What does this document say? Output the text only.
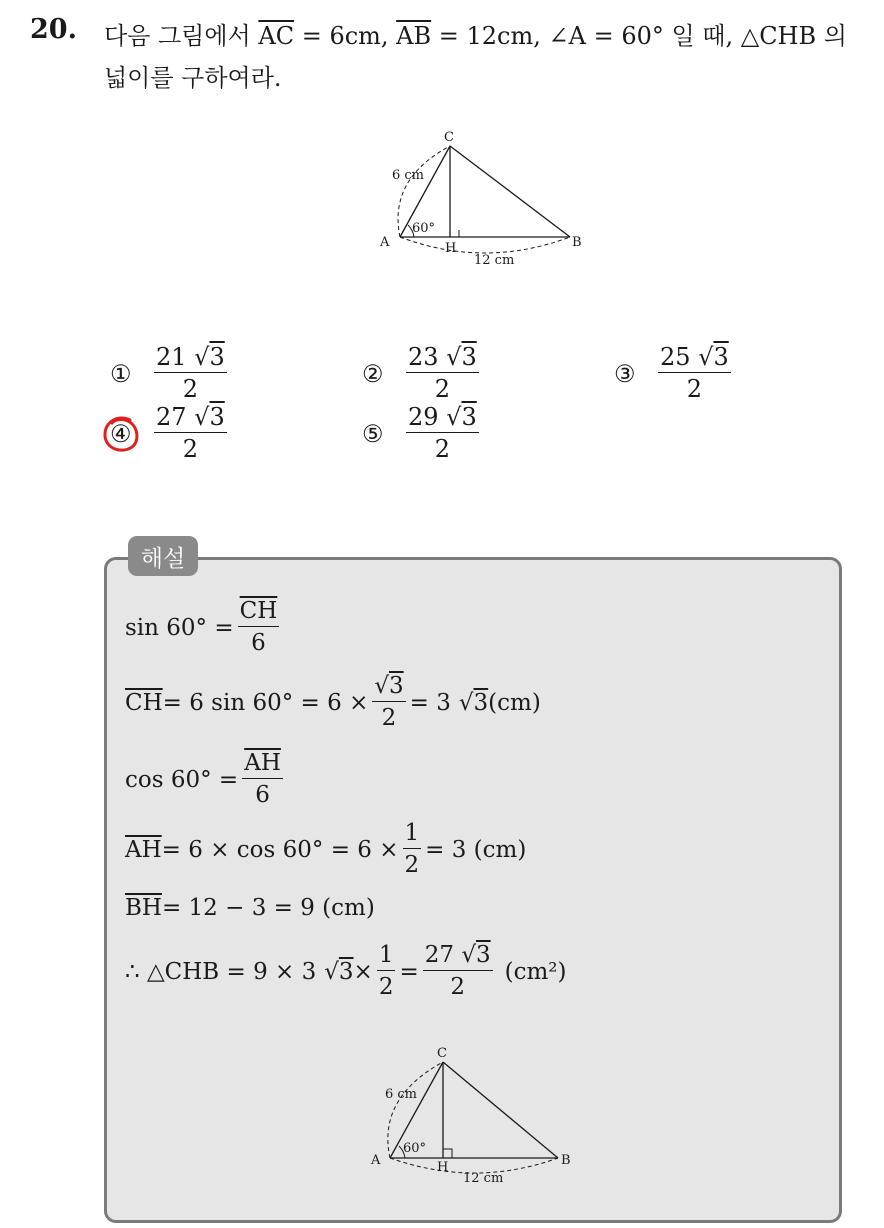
20. 다음 그림에서 $\overline{AC} = 6cm$, $\overline{AB} = 12cm$, ∠A = 60° 일 때, △CHB 의
넓이를 구하여라.
C
A	B
H
6 cm
60°
12 cm
① $\frac{21 √3}{2}$	② $\frac{23 √3}{2}$	③ $\frac{25 √3}{2}$
④ $\frac{27 √3}{2}$	⑤ $\frac{29 √3}{2}$
해설
$\sin 60^\circ = \frac{\overline{CH}}{6}$
$\overline{CH} = 6$ $\sin 60^\circ = 6 \times \frac{√3}{2} = 3$ √ 3 (cm)
$\cos 60^\circ = \frac{\overline{AH}}{6}$
$\overline{AH} = 6 \times \cos 60^\circ = 6 \times \frac{1}{2} = 3$ (cm)
$\overline{BH} = 12 - 3 = 9$ (cm)
∴ △CHB = 9 × 3 √ $3 \times \frac{1}{2} = \frac{27 √3}{2} (cm^2)$
C
A	B
H
6 cm
60°
12 cm
